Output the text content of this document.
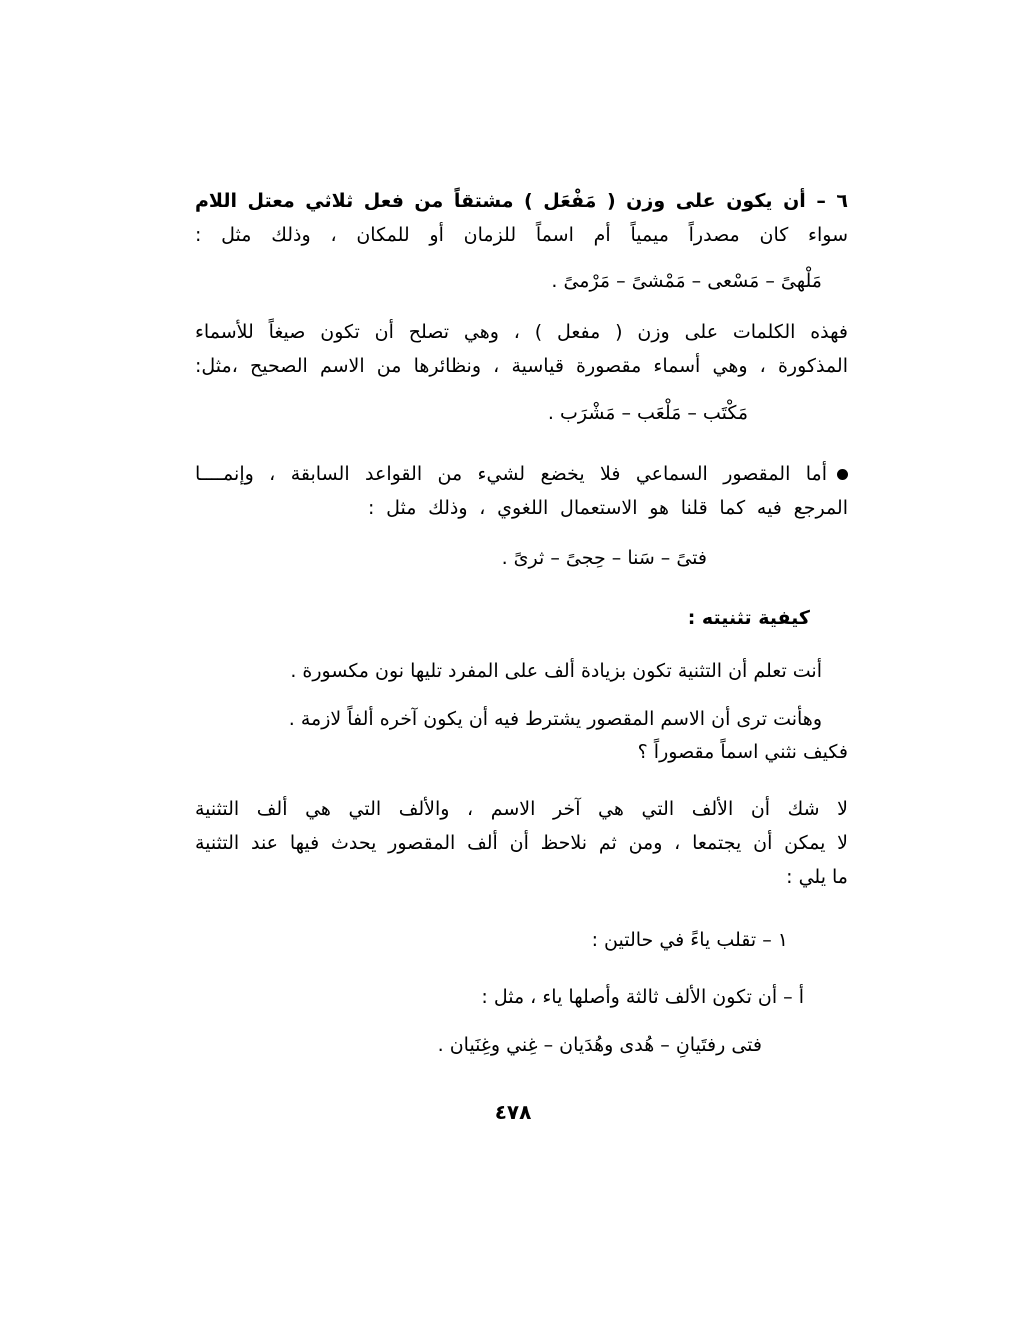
٦ – أن يكون على وزن ( مَفْعَل ) مشتقاً من فعل ثلاثي معتل اللام
سواء كان مصدراً ميمياً أم اسماً للزمان أو للمكان ، وذلك مثل :
مَلْهىً – مَسْعى – مَمْشىً – مَرْمىً .
فهذه الكلمات على وزن ( مفعل ) ، وهي تصلح أن تكون صيغاً للأسماء
المذكورة ، وهي أسماء مقصورة قياسية ، ونظائرها من الاسم الصحيح ،مثل:
مَكْتَب – مَلْعَب – مَشْرَب .
أما المقصور السماعي فلا يخضع لشيء من القواعد السابقة ، وإنمــــا
المرجع فيه كما قلنا هو الاستعمال اللغوي ، وذلك مثل :
فتىً – سَنا – حِجىً – ثرىً .
كيفية تثنيته :
أنت تعلم أن التثنية تكون بزيادة ألف على المفرد تليها نون مكسورة .
وهأنت ترى أن الاسم المقصور يشترط فيه أن يكون آخره ألفاً لازمة .
فكيف نثني اسماً مقصوراً ؟
لا شك أن الألف التي هي آخر الاسم ، والألف التي هي ألف التثنية
لا يمكن أن يجتمعا ، ومن ثم نلاحظ أن ألف المقصور يحدث فيها عند التثنية
ما يلي :
١ – تقلب ياءً في حالتين :
أ – أن تكون الألف ثالثة وأصلها ياء ، مثل :
فتى رفتَيانِ – هُدى وهُدَيان – غِني وغِنَيان .
٤٧٨
